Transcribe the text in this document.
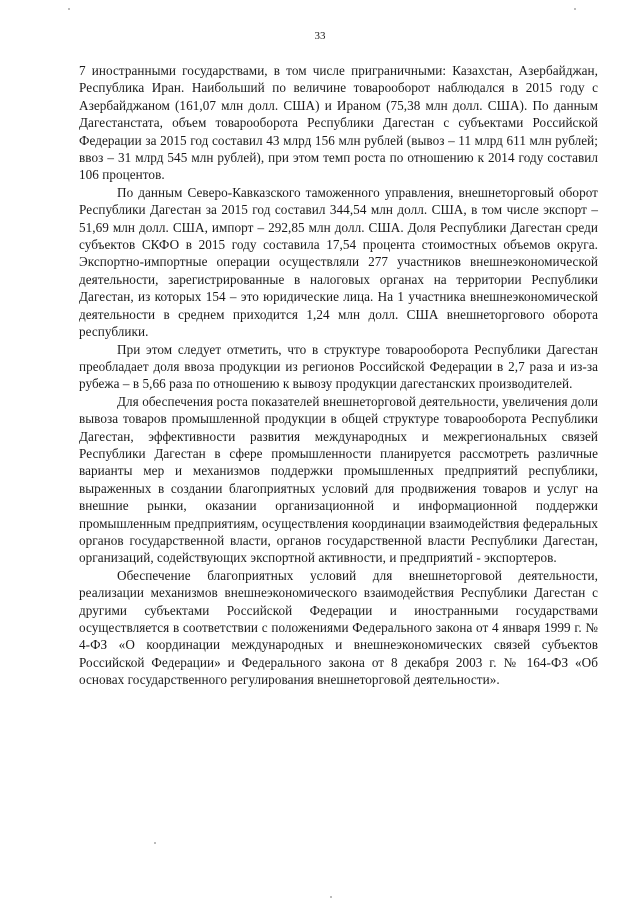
33

7 иностранными государствами, в том числе приграничными: Казахстан, Азербайджан, Республика Иран. Наибольший по величине товарооборот наблюдался в 2015 году с Азербайджаном (161,07 млн долл. США) и Ираном (75,38 млн долл. США). По данным Дагестанстата, объем товарооборота Республики Дагестан с субъектами Российской Федерации за 2015 год составил 43 млрд 156 млн рублей (вывоз – 11 млрд 611 млн рублей; ввоз – 31 млрд 545 млн рублей), при этом темп роста по отношению к 2014 году составил 106 процентов.

По данным Северо-Кавказского таможенного управления, внешнеторговый оборот Республики Дагестан за 2015 год составил 344,54 млн долл. США, в том числе экспорт – 51,69 млн долл. США, импорт – 292,85 млн долл. США. Доля Республики Дагестан среди субъектов СКФО в 2015 году составила 17,54 процента стоимостных объемов округа. Экспортно-импортные операции осуществляли 277 участников внешнеэкономической деятельности, зарегистрированные в налоговых органах на территории Республики Дагестан, из которых 154 – это юридические лица. На 1 участника внешнеэкономической деятельности в среднем приходится 1,24 млн долл. США внешнеторгового оборота республики.

При этом следует отметить, что в структуре товарооборота Республики Дагестан преобладает доля ввоза продукции из регионов Российской Федерации в 2,7 раза и из-за рубежа – в 5,66 раза по отношению к вывозу продукции дагестанских производителей.

Для обеспечения роста показателей внешнеторговой деятельности, увеличения доли вывоза товаров промышленной продукции в общей структуре товарооборота Республики Дагестан, эффективности развития международных и межрегиональных связей Республики Дагестан в сфере промышленности планируется рассмотреть различные варианты мер и механизмов поддержки промышленных предприятий республики, выраженных в создании благоприятных условий для продвижения товаров и услуг на внешние рынки, оказании организационной и информационной поддержки промышленным предприятиям, осуществления координации взаимодействия федеральных органов государственной власти, органов государственной власти Республики Дагестан, организаций, содействующих экспортной активности, и предприятий - экспортеров.

Обеспечение благоприятных условий для внешнеторговой деятельности, реализации механизмов внешнеэкономического взаимодействия Республики Дагестан с другими субъектами Российской Федерации и иностранными государствами осуществляется в соответствии с положениями Федерального закона от 4 января 1999 г. № 4-ФЗ «О координации международных и внешнеэкономических связей субъектов Российской Федерации» и Федерального закона от 8 декабря 2003 г. № 164-ФЗ «Об основах государственного регулирования внешнеторговой деятельности».
